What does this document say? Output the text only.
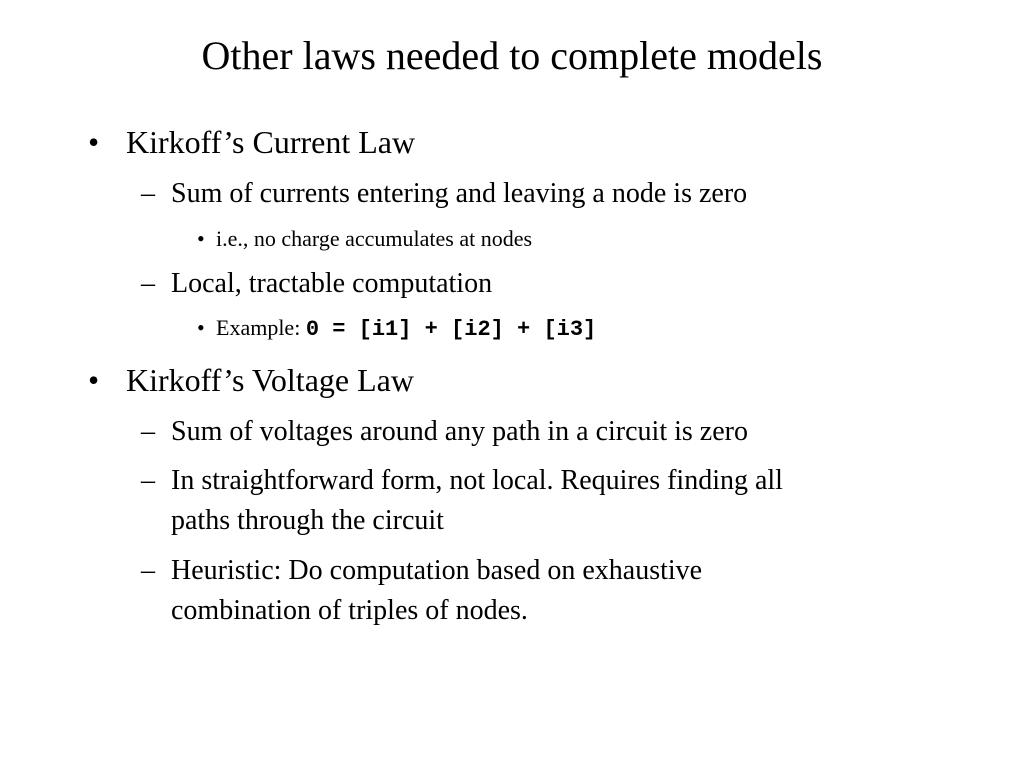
Other laws needed to complete models
• Kirkoff’s Current Law
– Sum of currents entering and leaving a node is zero
• i.e., no charge accumulates at nodes
– Local, tractable computation
• Example: 0 = [i1] + [i2] + [i3]
• Kirkoff’s Voltage Law
– Sum of voltages around any path in a circuit is zero
– In straightforward form, not local. Requires finding all
paths through the circuit
– Heuristic: Do computation based on exhaustive
combination of triples of nodes.
